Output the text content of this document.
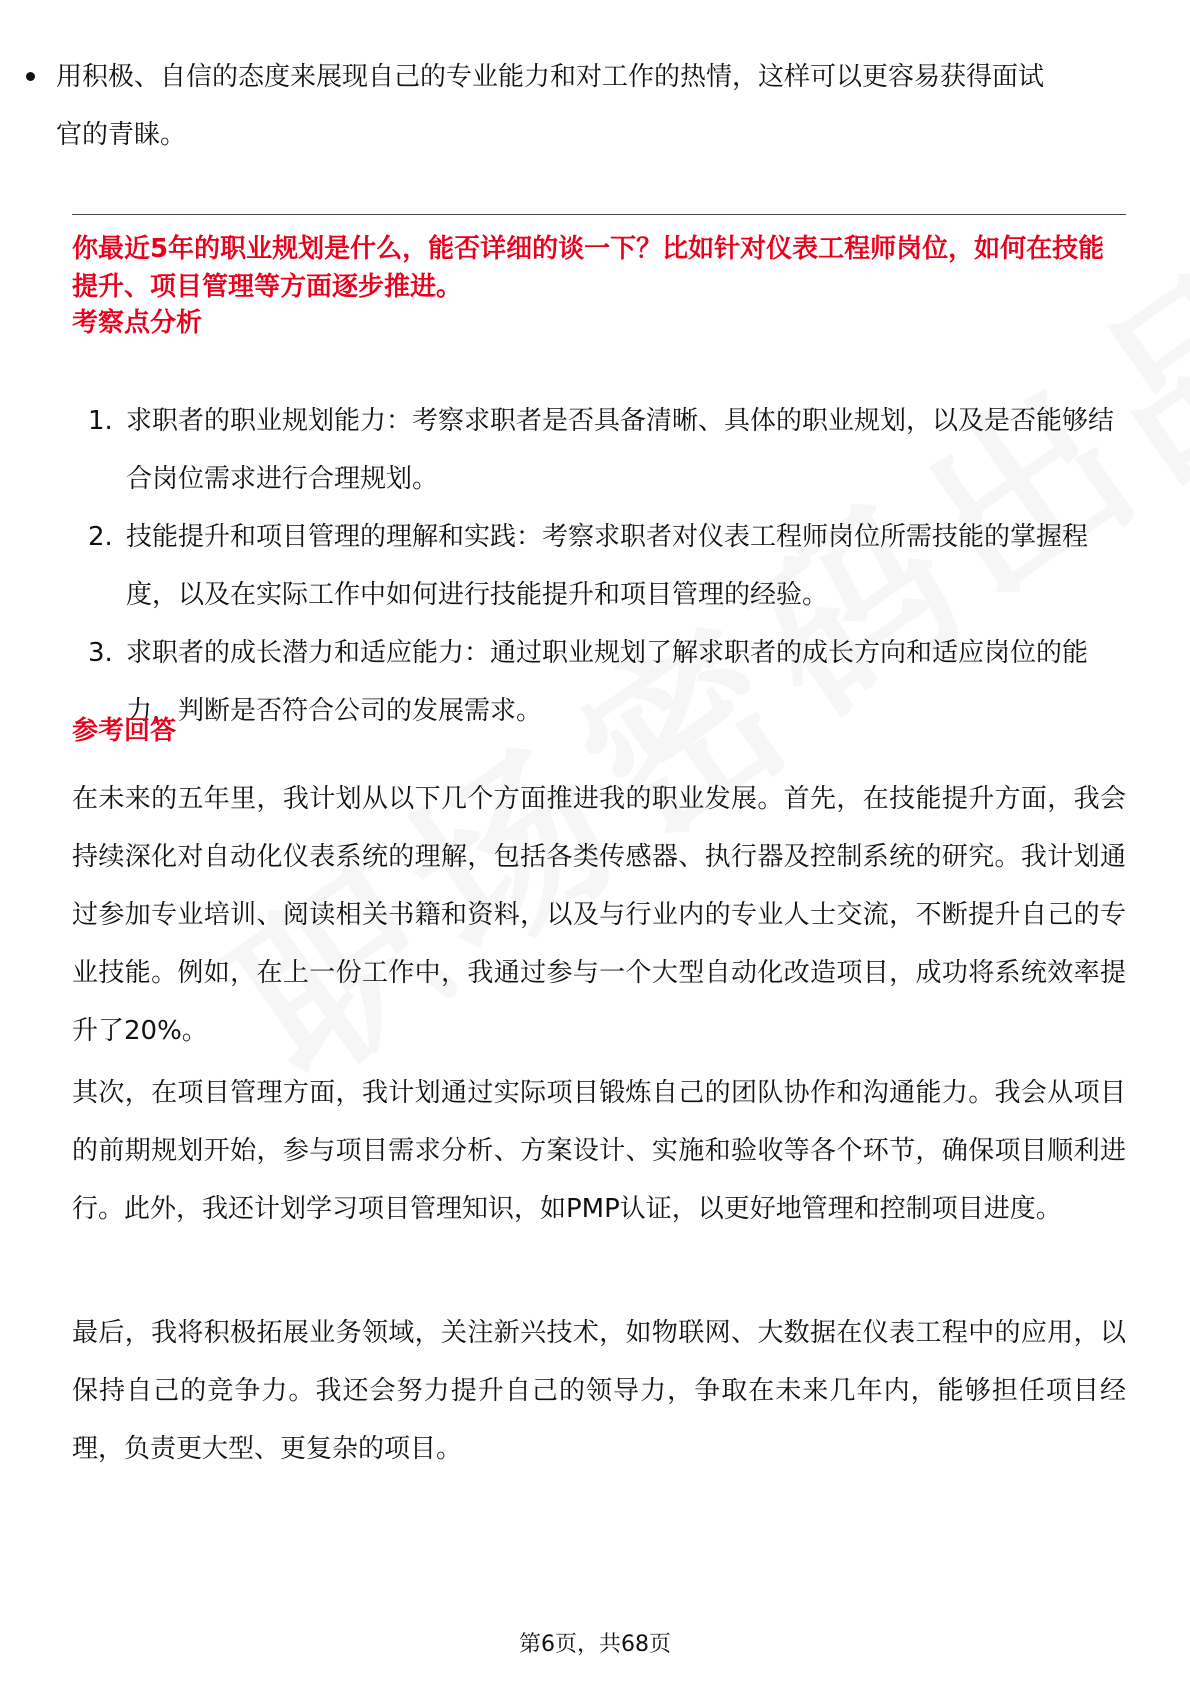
用积极、自信的态度来展现自己的专业能力和对工作的热情，这样可以更容易获得面试官的青睐。
你最近5年的职业规划是什么，能否详细的谈一下？比如针对仪表工程师岗位，如何在技能提升、项目管理等方面逐步推进。
考察点分析
1. 求职者的职业规划能力：考察求职者是否具备清晰、具体的职业规划，以及是否能够结合岗位需求进行合理规划。
2. 技能提升和项目管理的理解和实践：考察求职者对仪表工程师岗位所需技能的掌握程度，以及在实际工作中如何进行技能提升和项目管理的经验。
3. 求职者的成长潜力和适应能力：通过职业规划了解求职者的成长方向和适应岗位的能力，判断是否符合公司的发展需求。
参考回答
在未来的五年里，我计划从以下几个方面推进我的职业发展。首先，在技能提升方面，我会持续深化对自动化仪表系统的理解，包括各类传感器、执行器及控制系统的研究。我计划通过参加专业培训、阅读相关书籍和资料，以及与行业内的专业人士交流，不断提升自己的专业技能。例如，在上一份工作中，我通过参与一个大型自动化改造项目，成功将系统效率提升了20%。
其次，在项目管理方面，我计划通过实际项目锻炼自己的团队协作和沟通能力。我会从项目的前期规划开始，参与项目需求分析、方案设计、实施和验收等各个环节，确保项目顺利进行。此外，我还计划学习项目管理知识，如PMP认证，以更好地管理和控制项目进度。
最后，我将积极拓展业务领域，关注新兴技术，如物联网、大数据在仪表工程中的应用，以保持自己的竞争力。我还会努力提升自己的领导力，争取在未来几年内，能够担任项目经理，负责更大型、更复杂的项目。
第6页，共68页
